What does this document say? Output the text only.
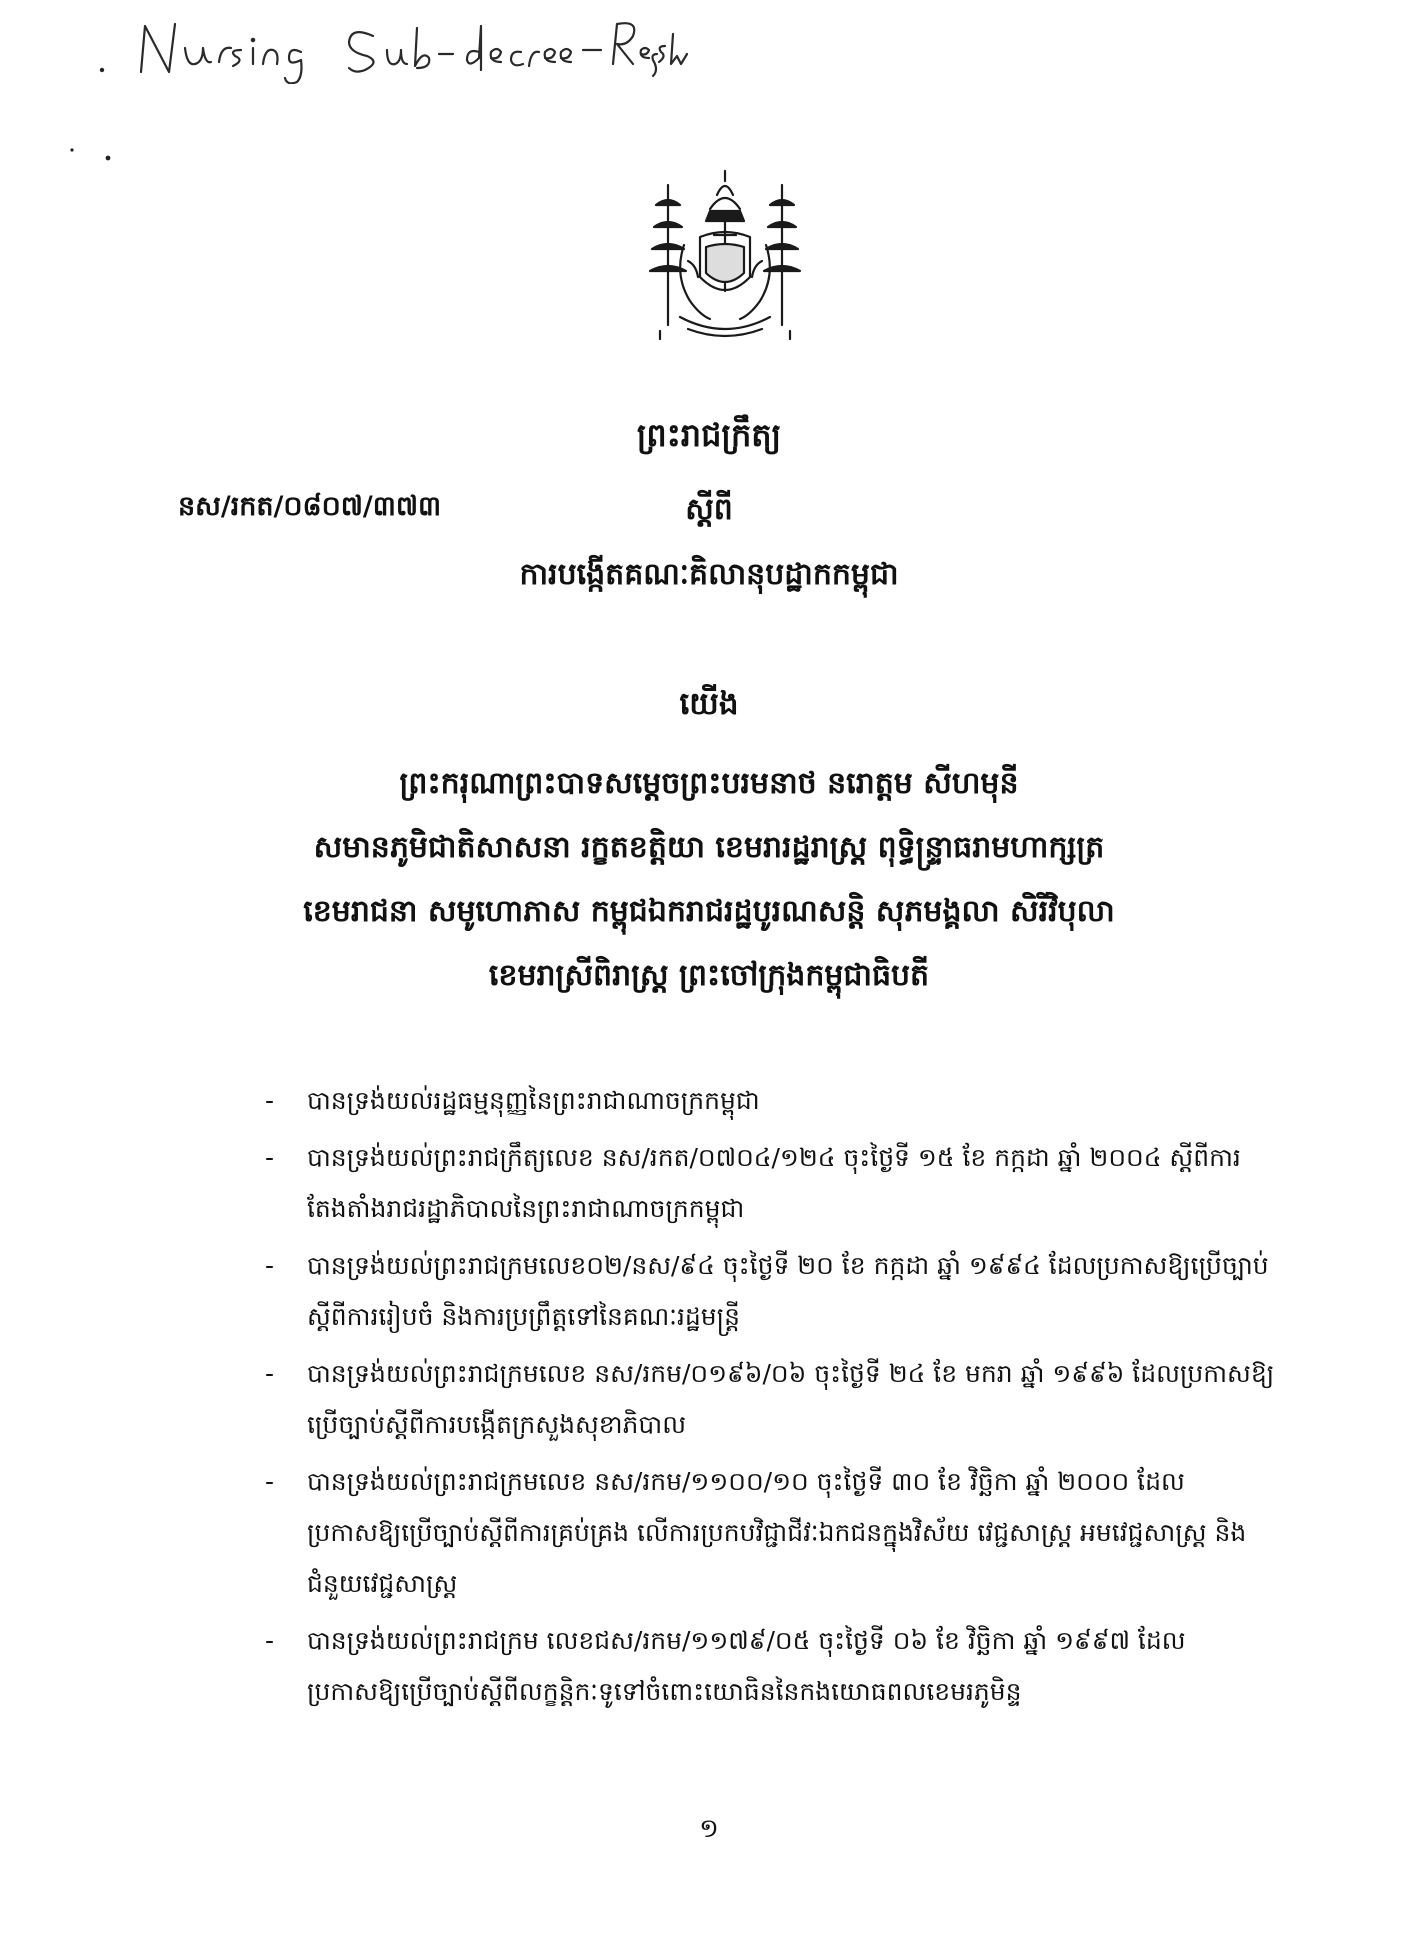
ព្រះរាជក្រឹត្យ
នស/រកត/០៨០៧/៣៧៣	ស្តីពី
ការបង្កើតគណៈគិលានុបដ្ឋាកកម្ពុជា
យើង
ព្រះករុណាព្រះបាទសម្តេចព្រះបរមនាថ នរោត្តម សីហមុនី
សមានភូមិជាតិសាសនា រក្ខតខត្តិយា ខេមរារដ្ឋរាស្ត្រ ពុទ្ធិន្ទ្រាធរាមហាក្សត្រ
ខេមរាជនា សមូហោភាស កម្ពុជឯករាជរដ្ឋបូរណសន្តិ សុភមង្គលា សិរីវិបុលា
ខេមរាស្រីពិរាស្ត្រ ព្រះចៅក្រុងកម្ពុជាធិបតី
- បានទ្រង់យល់រដ្ឋធម្មនុញ្ញនៃព្រះរាជាណាចក្រកម្ពុជា
- បានទ្រង់យល់ព្រះរាជក្រឹត្យលេខ នស/រកត/០៧០៤/១២៤ ចុះថ្ងៃទី ១៥ ខែ កក្កដា ឆ្នាំ ២០០៤ ស្តីពីការតែងតាំងរាជរដ្ឋាភិបាលនៃព្រះរាជាណាចក្រកម្ពុជា
- បានទ្រង់យល់ព្រះរាជក្រមលេខ០២/នស/៩៤ ចុះថ្ងៃទី ២០ ខែ កក្កដា ឆ្នាំ ១៩៩៤ ដែលប្រកាសឱ្យប្រើច្បាប់ស្តីពីការរៀបចំ និងការប្រព្រឹត្តទៅនៃគណៈរដ្ឋមន្ត្រី
- បានទ្រង់យល់ព្រះរាជក្រមលេខ នស/រកម/០១៩៦/០៦ ចុះថ្ងៃទី ២៤ ខែ មករា ឆ្នាំ ១៩៩៦ ដែលប្រកាសឱ្យប្រើច្បាប់ស្តីពីការបង្កើតក្រសួងសុខាភិបាល
- បានទ្រង់យល់ព្រះរាជក្រមលេខ នស/រកម/១១០០/១០ ចុះថ្ងៃទី ៣០ ខែ វិច្ឆិកា ឆ្នាំ ២០០០ ដែលប្រកាសឱ្យប្រើច្បាប់ស្តីពីការគ្រប់គ្រង លើការប្រកបវិជ្ជាជីវៈឯកជនក្នុងវិស័យ វេជ្ជសាស្ត្រ អមវេជ្ជសាស្ត្រ និង ជំនួយវេជ្ជសាស្ត្រ
- បានទ្រង់យល់ព្រះរាជក្រម លេខជស/រកម/១១៧៩/០៥ ចុះថ្ងៃទី ០៦ ខែ វិច្ឆិកា ឆ្នាំ ១៩៩៧ ដែលប្រកាសឱ្យប្រើច្បាប់ស្តីពីលក្ខន្តិកៈទូទៅចំពោះយោធិននៃកងយោធពលខេមរភូមិន្ទ
១
